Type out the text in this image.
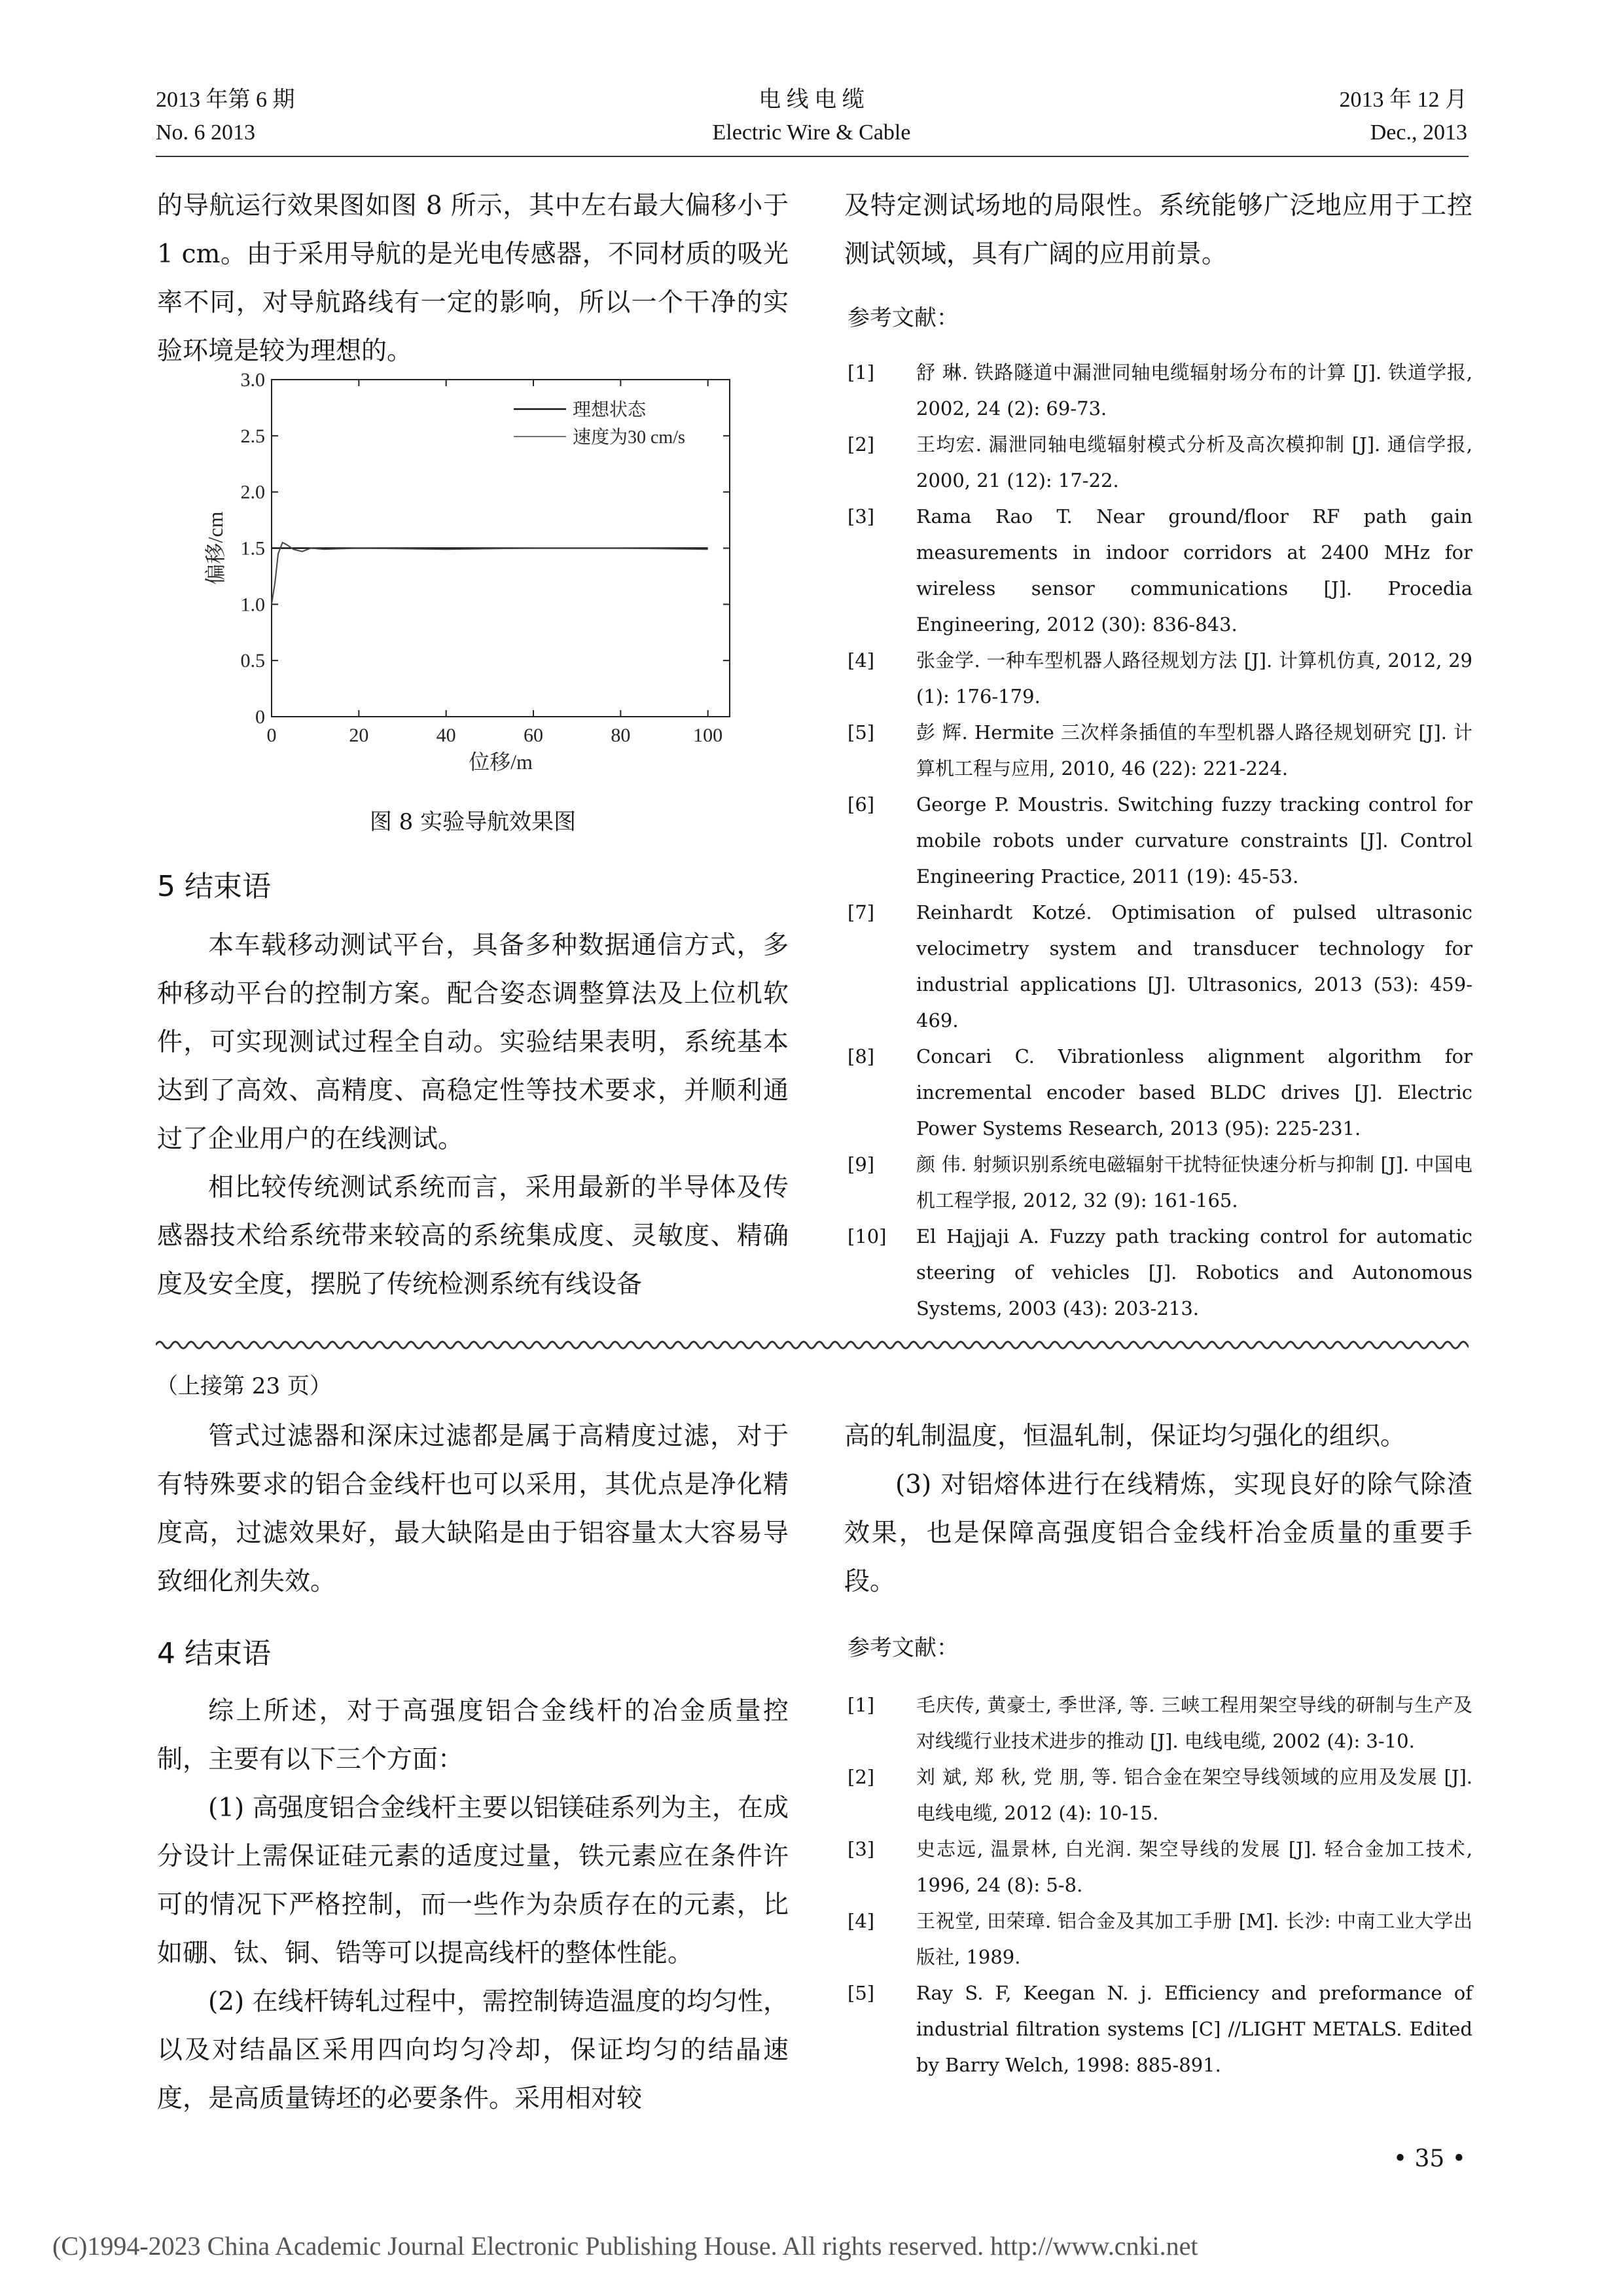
2013 年第 6 期
No. 6 2013
电 线 电 缆
Electric Wire & Cable
2013 年 12 月
Dec., 2013

的导航运行效果图如图 8 所示，其中左右最大偏移小于 1 cm。由于采用导航的是光电传感器，不同材质的吸光率不同，对导航路线有一定的影响，所以一个干净的实验环境是较为理想的。

0	20	40	60	80	100
0
0.5
1.0
1.5
2.0
2.5
3.0
位移/m
偏移/cm
理想状态
速度为30 cm/s
图 8 实验导航效果图
5 结束语

本车载移动测试平台，具备多种数据通信方式，多种移动平台的控制方案。配合姿态调整算法及上位机软件，可实现测试过程全自动。实验结果表明，系统基本达到了高效、高精度、高稳定性等技术要求，并顺利通过了企业用户的在线测试。

相比较传统测试系统而言，采用最新的半导体及传感器技术给系统带来较高的系统集成度、灵敏度、精确度及安全度，摆脱了传统检测系统有线设备

及特定测试场地的局限性。系统能够广泛地应用于工控测试领域，具有广阔的应用前景。

参考文献：
[1] 舒 琳. 铁路隧道中漏泄同轴电缆辐射场分布的计算 [J]. 铁道学报, 2002, 24 (2): 69-73.
[2] 王均宏. 漏泄同轴电缆辐射模式分析及高次模抑制 [J]. 通信学报, 2000, 21 (12): 17-22.
[3] Rama Rao T. Near ground/floor RF path gain measurements in indoor corridors at 2400 MHz for wireless sensor communications [J]. Procedia Engineering, 2012 (30): 836-843.
[4] 张金学. 一种车型机器人路径规划方法 [J]. 计算机仿真, 2012, 29 (1): 176-179.
[5] 彭 辉. Hermite 三次样条插值的车型机器人路径规划研究 [J]. 计算机工程与应用, 2010, 46 (22): 221-224.
[6] George P. Moustris. Switching fuzzy tracking control for mobile robots under curvature constraints [J]. Control Engineering Practice, 2011 (19): 45-53.
[7] Reinhardt Kotzé. Optimisation of pulsed ultrasonic velocimetry system and transducer technology for industrial applications [J]. Ultrasonics, 2013 (53): 459-469.
[8] Concari C. Vibrationless alignment algorithm for incremental encoder based BLDC drives [J]. Electric Power Systems Research, 2013 (95): 225-231.
[9] 颜 伟. 射频识别系统电磁辐射干扰特征快速分析与抑制 [J]. 中国电机工程学报, 2012, 32 (9): 161-165.
[10] El Hajjaji A. Fuzzy path tracking control for automatic steering of vehicles [J]. Robotics and Autonomous Systems, 2003 (43): 203-213.
（上接第 23 页）

管式过滤器和深床过滤都是属于高精度过滤，对于有特殊要求的铝合金线杆也可以采用，其优点是净化精度高，过滤效果好，最大缺陷是由于铝容量太大容易导致细化剂失效。

4 结束语

综上所述，对于高强度铝合金线杆的冶金质量控制，主要有以下三个方面：

(1) 高强度铝合金线杆主要以铝镁硅系列为主，在成分设计上需保证硅元素的适度过量，铁元素应在条件许可的情况下严格控制，而一些作为杂质存在的元素，比如硼、钛、铜、锆等可以提高线杆的整体性能。

(2) 在线杆铸轧过程中，需控制铸造温度的均匀性，以及对结晶区采用四向均匀冷却，保证均匀的结晶速度，是高质量铸坯的必要条件。采用相对较

高的轧制温度，恒温轧制，保证均匀强化的组织。

(3) 对铝熔体进行在线精炼，实现良好的除气除渣效果，也是保障高强度铝合金线杆冶金质量的重要手段。

参考文献：
[1] 毛庆传, 黄豪士, 季世泽, 等. 三峡工程用架空导线的研制与生产及对线缆行业技术进步的推动 [J]. 电线电缆, 2002 (4): 3-10.
[2] 刘 斌, 郑 秋, 党 朋, 等. 铝合金在架空导线领域的应用及发展 [J]. 电线电缆, 2012 (4): 10-15.
[3] 史志远, 温景林, 白光润. 架空导线的发展 [J]. 轻合金加工技术, 1996, 24 (8): 5-8.
[4] 王祝堂, 田荣璋. 铝合金及其加工手册 [M]. 长沙: 中南工业大学出版社, 1989.
[5] Ray S. F, Keegan N. j. Efficiency and preformance of industrial filtration systems [C] //LIGHT METALS. Edited by Barry Welch, 1998: 885-891.
• 35 •
(C)1994-2023 China Academic Journal Electronic Publishing House. All rights reserved. http://www.cnki.net
